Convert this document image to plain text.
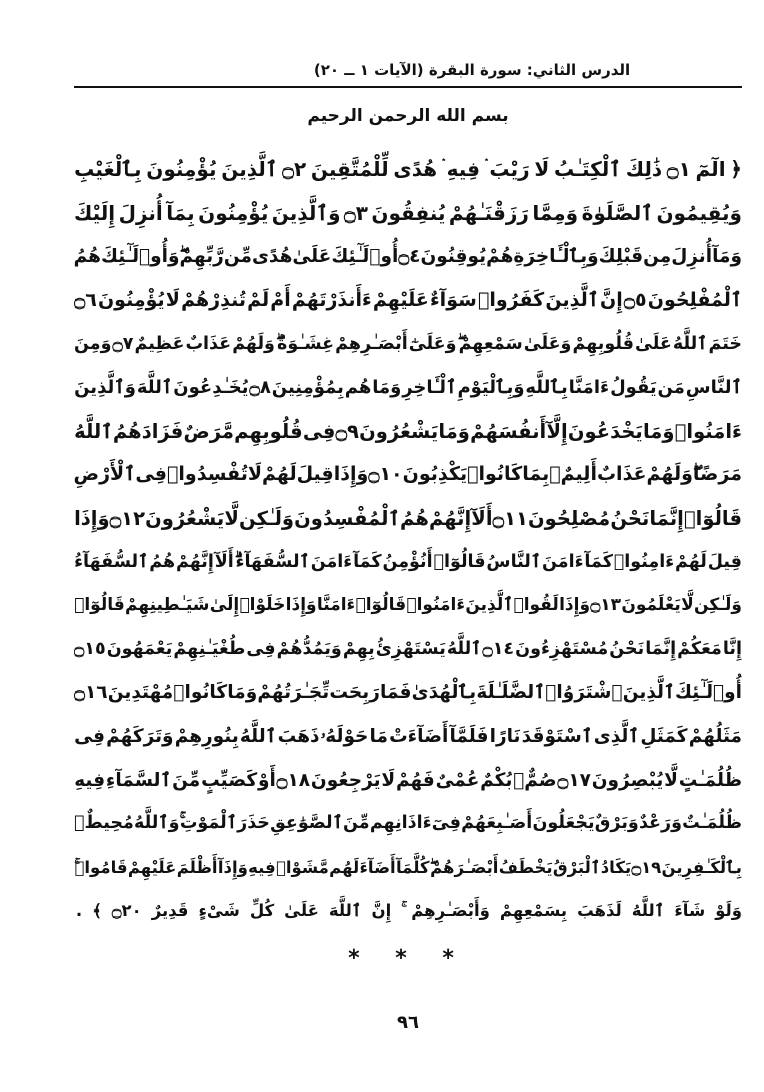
الدرس الثاني: سورة البقرة (الآيات ١ ــ ٢٠)
بسم الله الرحمن الرحيم
﴿
الٓمٓ
۝١
ذَٰلِكَ
ٱلْكِتَـٰبُ
لَا
رَيْبَ
فِيهِ
هُدًى
لِّلْمُتَّقِينَ
۝٢
ٱلَّذِينَ
يُؤْمِنُونَ
بِٱلْغَيْبِ
وَيُقِيمُونَ
ٱلصَّلَوٰةَ
وَمِمَّا
رَزَقْنَـٰهُمْ
يُنفِقُونَ
۝٣
وَٱلَّذِينَ
يُؤْمِنُونَ
بِمَآ
أُنزِلَ
إِلَيْكَ
وَمَآ
أُنزِلَ
مِن
قَبْلِكَ
وَبِٱلْـَٔاخِرَةِ
هُمْ
يُوقِنُونَ
۝٤
أُو۟لَـٰٓئِكَ
عَلَىٰ
هُدًى
مِّن
رَّبِّهِمْ
وَأُو۟لَـٰٓئِكَ
هُمُ
ٱلْمُفْلِحُونَ
۝٥
إِنَّ
ٱلَّذِينَ
كَفَرُوا۟
سَوَآءٌ
عَلَيْهِمْ
ءَأَنذَرْتَهُمْ
أَمْ
لَمْ
تُنذِرْهُمْ
لَا
يُؤْمِنُونَ
۝٦
خَتَمَ
ٱللَّهُ
عَلَىٰ
قُلُوبِهِمْ
وَعَلَىٰ
سَمْعِهِمْ
وَعَلَىٰٓ
أَبْصَـٰرِهِمْ
غِشَـٰوَةٌ
وَلَهُمْ
عَذَابٌ
عَظِيمٌ
۝٧
وَمِنَ
ٱلنَّاسِ
مَن
يَقُولُ
ءَامَنَّا
بِٱللَّهِ
وَبِٱلْيَوْمِ
ٱلْـَٔاخِرِ
وَمَا
هُم
بِمُؤْمِنِينَ
۝٨
يُخَـٰدِعُونَ
ٱللَّهَ
وَٱلَّذِينَ
ءَامَنُوا۟
وَمَا
يَخْدَعُونَ
إِلَّآ
أَنفُسَهُمْ
وَمَا
يَشْعُرُونَ
۝٩
فِى
قُلُوبِهِم
مَّرَضٌ
فَزَادَهُمُ
ٱللَّهُ
مَرَضًا
وَلَهُمْ
عَذَابٌ
أَلِيمٌۢ
بِمَا
كَانُوا۟
يَكْذِبُونَ
۝١٠
وَإِذَا
قِيلَ
لَهُمْ
لَا
تُفْسِدُوا۟
فِى
ٱلْأَرْضِ
قَالُوٓا۟
إِنَّمَا
نَحْنُ
مُصْلِحُونَ
۝١١
أَلَآ
إِنَّهُمْ
هُمُ
ٱلْمُفْسِدُونَ
وَلَـٰكِن
لَّا
يَشْعُرُونَ
۝١٢
وَإِذَا
قِيلَ
لَهُمْ
ءَامِنُوا۟
كَمَآ
ءَامَنَ
ٱلنَّاسُ
قَالُوٓا۟
أَنُؤْمِنُ
كَمَآ
ءَامَنَ
ٱلسُّفَهَآءُ
أَلَآ
إِنَّهُمْ
هُمُ
ٱلسُّفَهَآءُ
وَلَـٰكِن
لَّا
يَعْلَمُونَ
۝١٣
وَإِذَا
لَقُوا۟
ٱلَّذِينَ
ءَامَنُوا۟
قَالُوٓا۟
ءَامَنَّا
وَإِذَا
خَلَوْا۟
إِلَىٰ
شَيَـٰطِينِهِمْ
قَالُوٓا۟
إِنَّا
مَعَكُمْ
إِنَّمَا
نَحْنُ
مُسْتَهْزِءُونَ
۝١٤
ٱللَّهُ
يَسْتَهْزِئُ
بِهِمْ
وَيَمُدُّهُمْ
فِى
طُغْيَـٰنِهِمْ
يَعْمَهُونَ
۝١٥
أُو۟لَـٰٓئِكَ
ٱلَّذِينَ
ٱشْتَرَوُا۟
ٱلضَّلَـٰلَةَ
بِٱلْهُدَىٰ
فَمَا
رَبِحَت
تِّجَـٰرَتُهُمْ
وَمَا
كَانُوا۟
مُهْتَدِينَ
۝١٦
مَثَلُهُمْ
كَمَثَلِ
ٱلَّذِى
ٱسْتَوْقَدَ
نَارًا
فَلَمَّآ
أَضَآءَتْ
مَا
حَوْلَهُۥ
ذَهَبَ
ٱللَّهُ
بِنُورِهِمْ
وَتَرَكَهُمْ
فِى
ظُلُمَـٰتٍ
لَّا
يُبْصِرُونَ
۝١٧
صُمٌّۢ
بُكْمٌ
عُمْىٌ
فَهُمْ
لَا
يَرْجِعُونَ
۝١٨
أَوْ
كَصَيِّبٍ
مِّنَ
ٱلسَّمَآءِ
فِيهِ
ظُلُمَـٰتٌ
وَرَعْدٌ
وَبَرْقٌ
يَجْعَلُونَ
أَصَـٰبِعَهُمْ
فِىٓ
ءَاذَانِهِم
مِّنَ
ٱلصَّوَٰعِقِ
حَذَرَ
ٱلْمَوْتِ
وَٱللَّهُ
مُحِيطٌۢ
بِٱلْكَـٰفِرِينَ
۝١٩
يَكَادُ
ٱلْبَرْقُ
يَخْطَفُ
أَبْصَـٰرَهُمْ
كُلَّمَآ
أَضَآءَ
لَهُم
مَّشَوْا۟
فِيهِ
وَإِذَآ
أَظْلَمَ
عَلَيْهِمْ
قَامُوا۟
وَلَوْ
شَآءَ
ٱللَّهُ
لَذَهَبَ
بِسَمْعِهِمْ
وَأَبْصَـٰرِهِمْ
إِنَّ
ٱللَّهَ
عَلَىٰ
كُلِّ
شَىْءٍ
قَدِيرٌ
۝٢٠
﴾
.
* * *
٩٦
